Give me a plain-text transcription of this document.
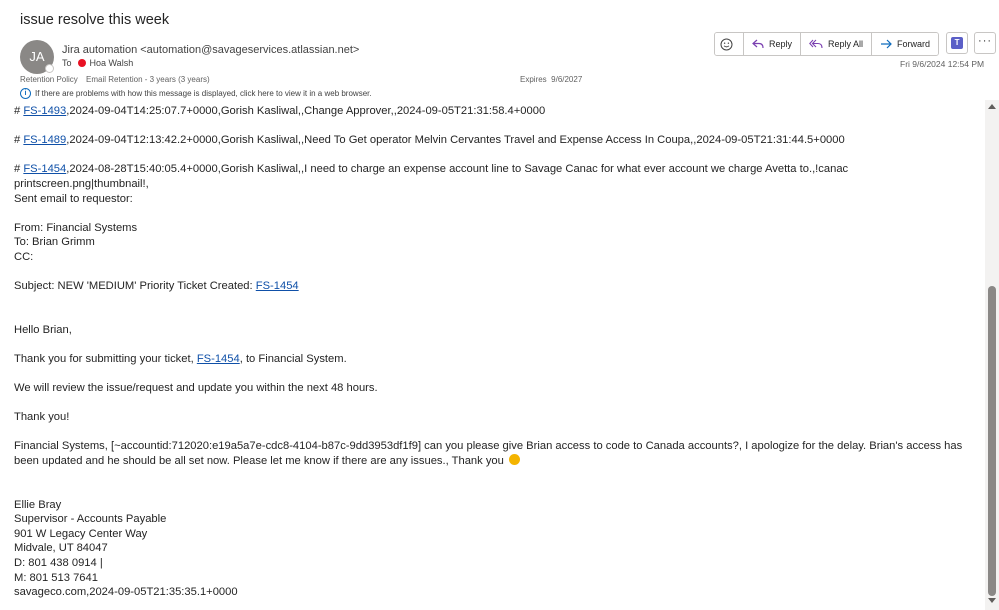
issue resolve this week
JA	Jira automation <automation@savageservices.atlassian.net>
To Hoa Walsh
Retention Policy Email Retention - 3 years (3 years)	Expires 9/6/2027
i	If there are problems with how this message is displayed, click here to view it in a web browser.
Reply	Reply All	Forward	T	···
Fri 9/6/2024 12:54 PM

# FS-1493,2024-09-04T14:25:07.7+0000,Gorish Kasliwal,,Change Approver,,2024-09-05T21:31:58.4+0000

# FS-1489,2024-09-04T12:13:42.2+0000,Gorish Kasliwal,,Need To Get operator Melvin Cervantes Travel and Expense Access In Coupa,,2024-09-05T21:31:44.5+0000

# FS-1454,2024-08-28T15:40:05.4+0000,Gorish Kasliwal,,I need to charge an expense account line to Savage Canac for what ever account we charge Avetta to.,!canac printscreen.png|thumbnail!,

Sent email to requestor:

From: Financial Systems

To: Brian Grimm

CC:

Subject: NEW 'MEDIUM' Priority Ticket Created: FS-1454

Hello Brian,

Thank you for submitting your ticket, FS-1454, to Financial System.

We will review the issue/request and update you within the next 48 hours.

Thank you!

Financial Systems, [~accountid:712020:e19a5a7e-cdc8-4104-b87c-9dd3953df1f9] can you please give Brian access to code to Canada accounts?, I apologize for the delay. Brian's access has been updated and he should be all set now. Please let me know if there are any issues., Thank you

Ellie Bray

Supervisor - Accounts Payable

901 W Legacy Center Way

Midvale, UT 84047

D: 801 438 0914 |

M: 801 513 7641

savageco.com,2024-09-05T21:35:35.1+0000
